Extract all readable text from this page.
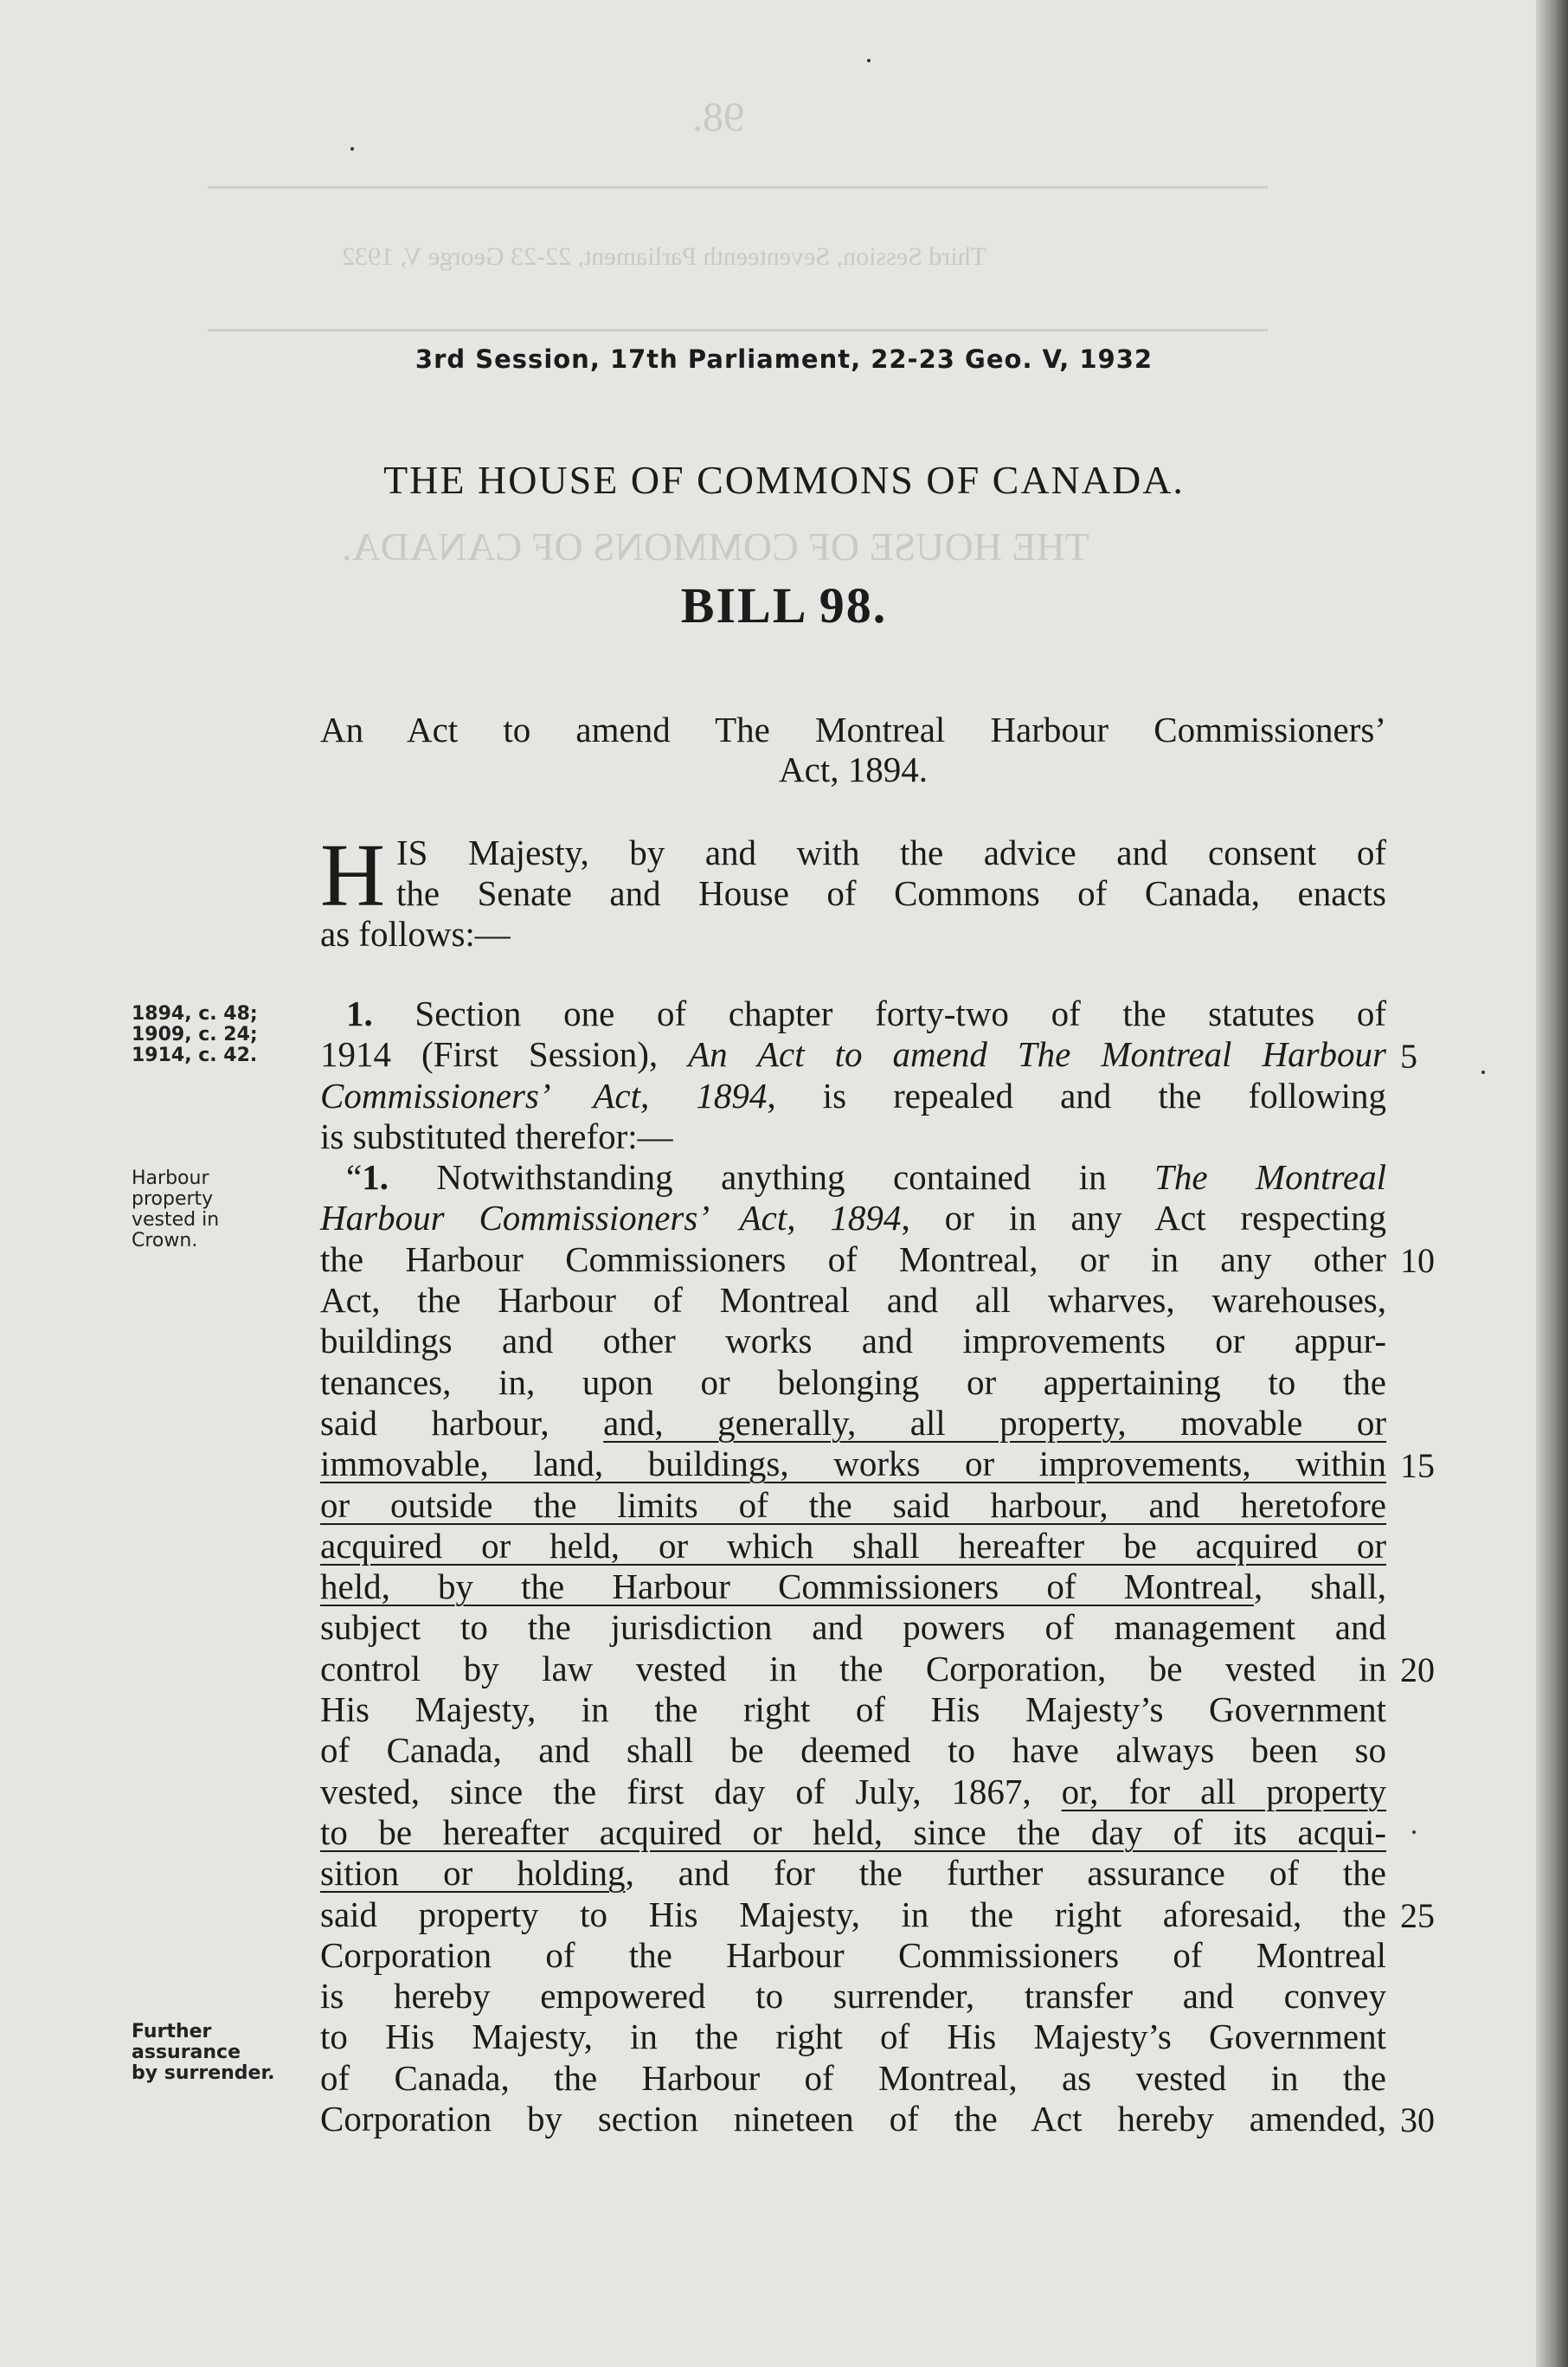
98.
Third Session, Seventeenth Parliament, 22-23 George V, 1932
THE HOUSE OF COMMONS OF CANADA.
3rd Session, 17th Parliament, 22-23 Geo. V, 1932
THE HOUSE OF COMMONS OF CANADA.
BILL 98.
An Act to amend The Montreal Harbour Commissioners’
Act, 1894.
H IS Majesty, by and with the advice and consent of
the Senate and House of Commons of Canada, enacts
as follows:—
1894, c. 48;
1909, c. 24;
1914, c. 42.
Harbour
property
vested in
Crown.
Further
assurance
by surrender.
1. Section one of chapter forty-two of the statutes of
1914 (First Session), An Act to amend The Montreal Harbour
Commissioners’ Act, 1894, is repealed and the following
is substituted therefor:—
“1. Notwithstanding anything contained in The Montreal
Harbour Commissioners’ Act, 1894, or in any Act respecting
the Harbour Commissioners of Montreal, or in any other
Act, the Harbour of Montreal and all wharves, warehouses,
buildings and other works and improvements or appur-
tenances, in, upon or belonging or appertaining to the
said harbour, and, generally, all property, movable or
immovable, land, buildings, works or improvements, within
or outside the limits of the said harbour, and heretofore
acquired or held, or which shall hereafter be acquired or
held, by the Harbour Commissioners of Montreal, shall,
subject to the jurisdiction and powers of management and
control by law vested in the Corporation, be vested in
His Majesty, in the right of His Majesty’s Government
of Canada, and shall be deemed to have always been so
vested, since the first day of July, 1867, or, for all property
to be hereafter acquired or held, since the day of its acqui-
sition or holding, and for the further assurance of the
said property to His Majesty, in the right aforesaid, the
Corporation of the Harbour Commissioners of Montreal
is hereby empowered to surrender, transfer and convey
to His Majesty, in the right of His Majesty’s Government
of Canada, the Harbour of Montreal, as vested in the
Corporation by section nineteen of the Act hereby amended,
5
10
15
20
25
30
